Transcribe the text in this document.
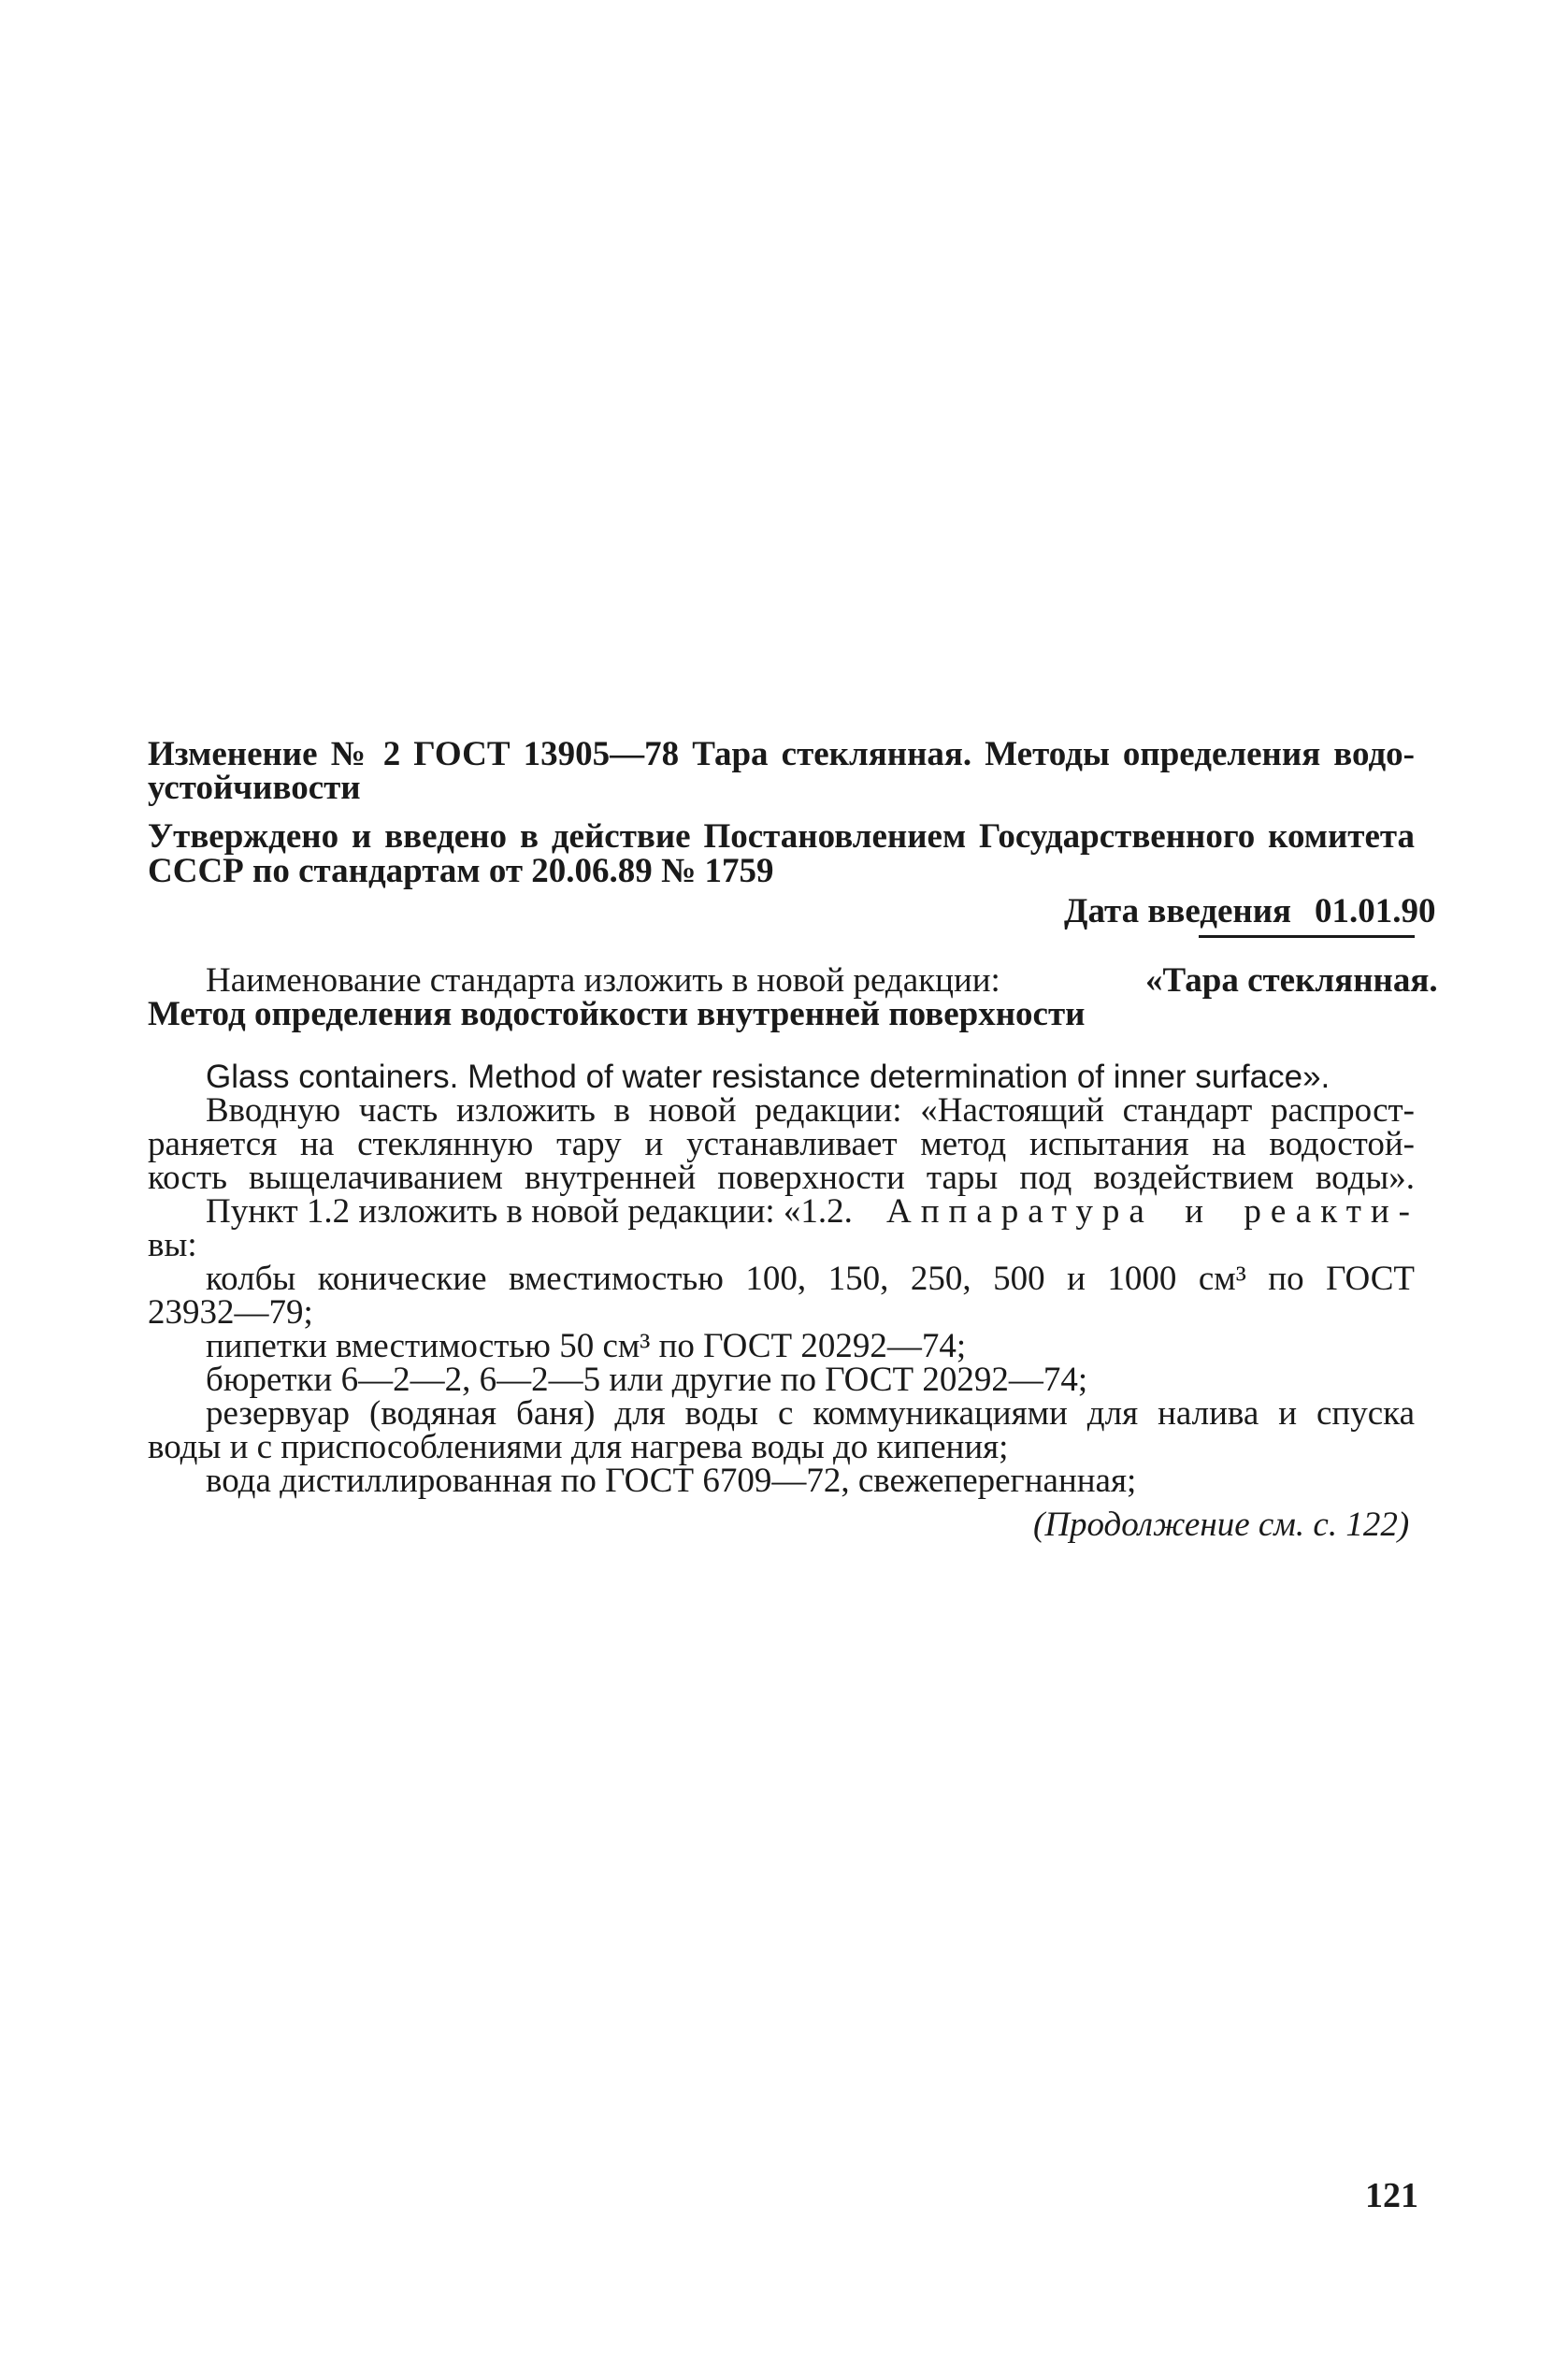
Изменение № 2 ГОСТ 13905—78 Тара стеклянная. Методы определения водо-
устойчивости
Утверждено и введено в действие Постановлением Государственного комитета
СССР по стандартам от 20.06.89 № 1759
Дата введения 01.01.90
Наименование стандарта изложить в новой редакции:	«Тара стеклянная.
Метод определения водостойкости внутренней поверхности
Glass containers. Method of water resistance determination of inner surface».
Вводную часть изложить в новой редакции: «Настоящий стандарт распрост-
раняется на стеклянную тару и устанавливает метод испытания на водостой-
кость выщелачиванием внутренней поверхности тары под воздействием воды».
Пункт 1.2 изложить в новой редакции: «1.2. Аппаратура и реакти-
вы:
колбы конические вместимостью 100, 150, 250, 500 и 1000 см³ по ГОСТ
23932—79;
пипетки вместимостью 50 см³ по ГОСТ 20292—74;
бюретки 6—2—2, 6—2—5 или другие по ГОСТ 20292—74;
резервуар (водяная баня) для воды с коммуникациями для налива и спуска
воды и с приспособлениями для нагрева воды до кипения;
вода дистиллированная по ГОСТ 6709—72, свежеперегнанная;
(Продолжение см. с. 122)
121
